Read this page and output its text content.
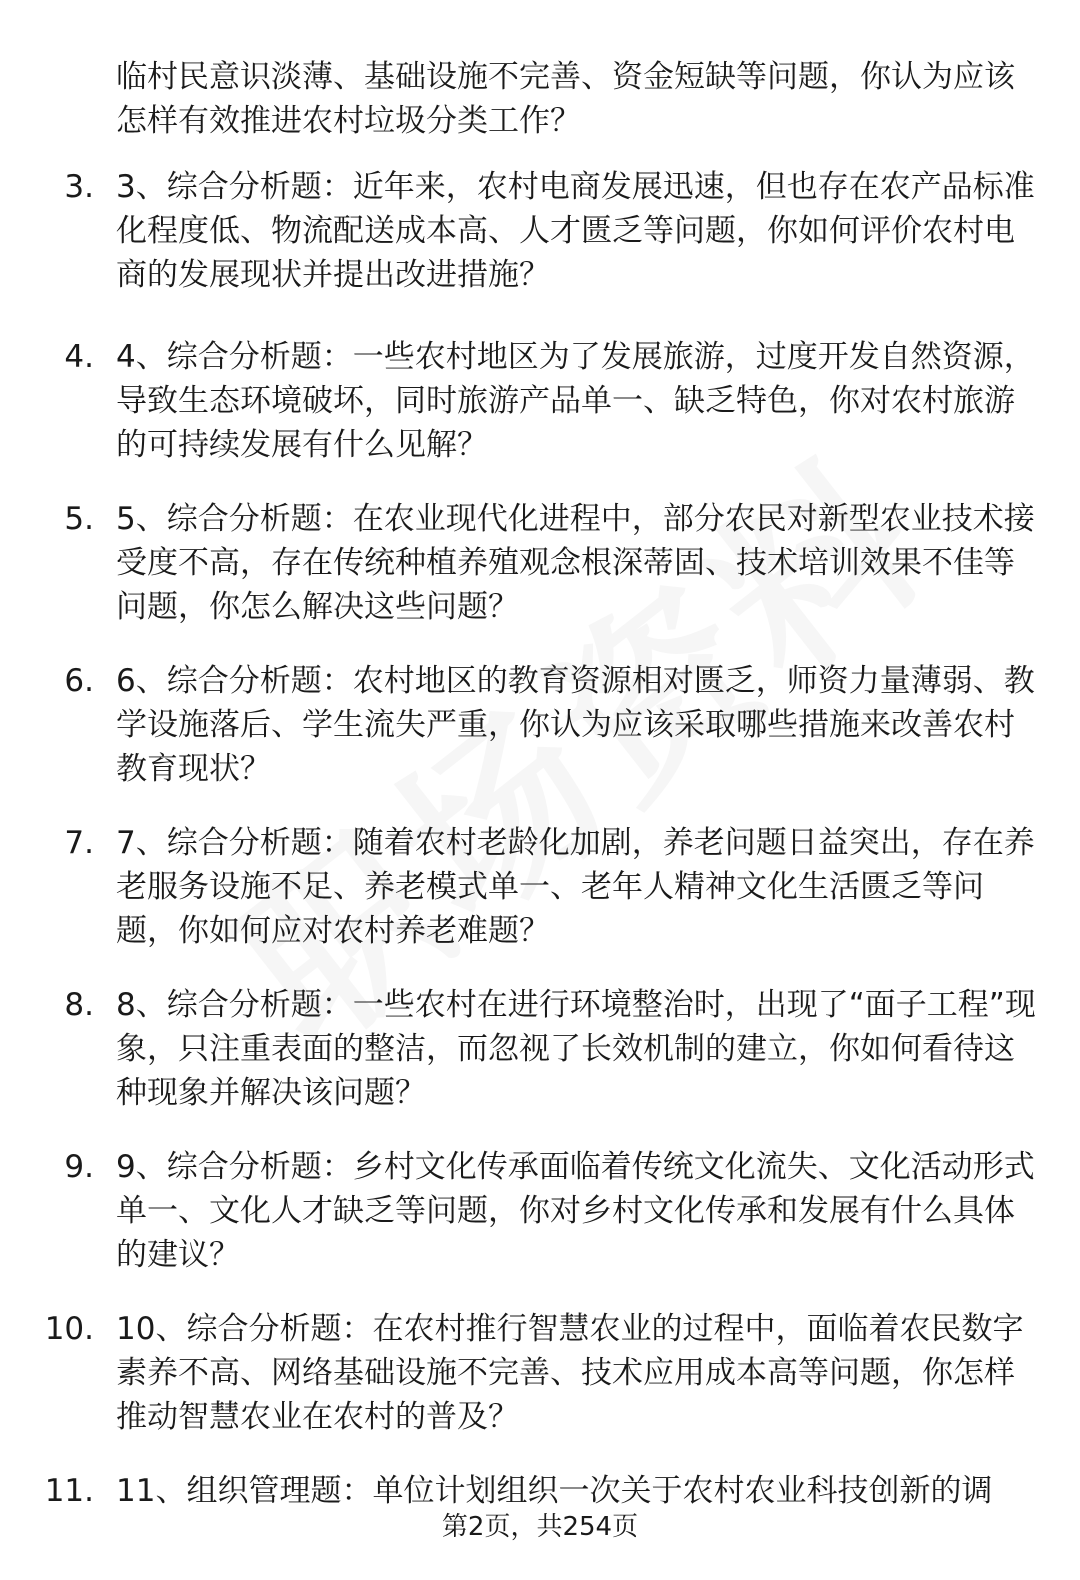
临村民意识淡薄、基础设施不完善、资金短缺等问题，你认为应该怎样有效推进农村垃圾分类工作？

3. 3、综合分析题：近年来，农村电商发展迅速，但也存在农产品标准化程度低、物流配送成本高、人才匮乏等问题，你如何评价农村电商的发展现状并提出改进措施？

4. 4、综合分析题：一些农村地区为了发展旅游，过度开发自然资源，导致生态环境破坏，同时旅游产品单一、缺乏特色，你对农村旅游的可持续发展有什么见解？

5. 5、综合分析题：在农业现代化进程中，部分农民对新型农业技术接受度不高，存在传统种植养殖观念根深蒂固、技术培训效果不佳等问题，你怎么解决这些问题？

6. 6、综合分析题：农村地区的教育资源相对匮乏，师资力量薄弱、教学设施落后、学生流失严重，你认为应该采取哪些措施来改善农村教育现状？

7. 7、综合分析题：随着农村老龄化加剧，养老问题日益突出，存在养老服务设施不足、养老模式单一、老年人精神文化生活匮乏等问题，你如何应对农村养老难题？

8. 8、综合分析题：一些农村在进行环境整治时，出现了“面子工程”现象，只注重表面的整洁，而忽视了长效机制的建立，你如何看待这种现象并解决该问题？

9. 9、综合分析题：乡村文化传承面临着传统文化流失、文化活动形式单一、文化人才缺乏等问题，你对乡村文化传承和发展有什么具体的建议？

10. 10、综合分析题：在农村推行智慧农业的过程中，面临着农民数字素养不高、网络基础设施不完善、技术应用成本高等问题，你怎样推动智慧农业在农村的普及？

11. 11、组织管理题：单位计划组织一次关于农村农业科技创新的调

第2页，共254页
